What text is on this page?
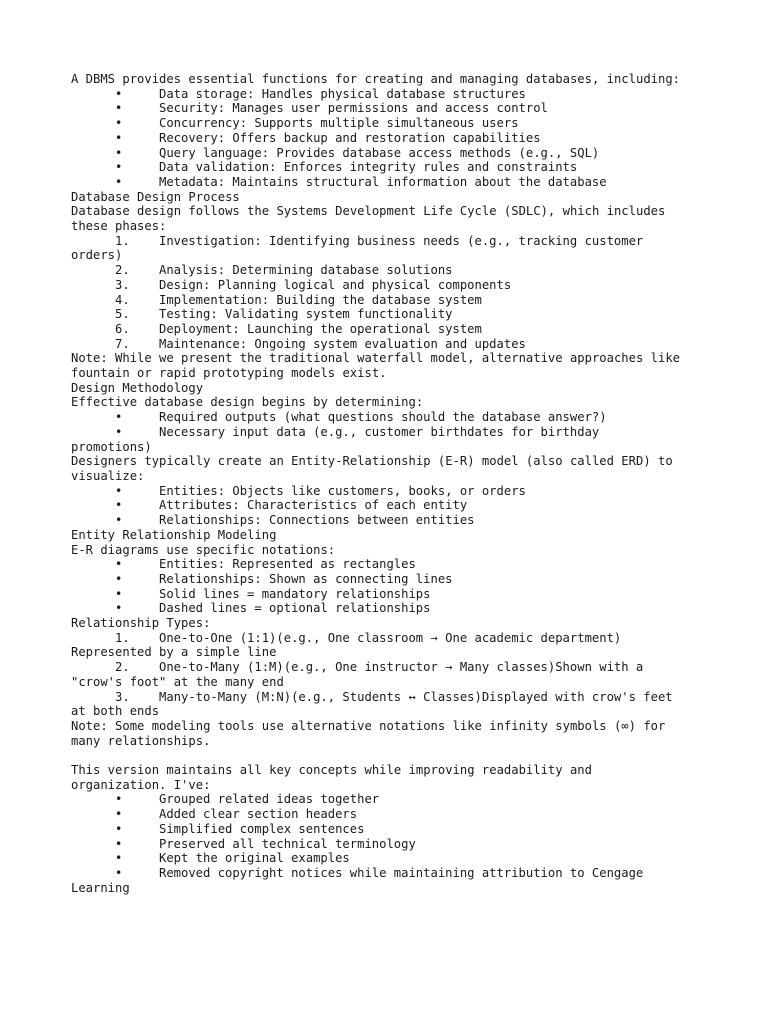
A DBMS provides essential functions for creating and managing databases, including:
•	Data storage: Handles physical database structures
•	Security: Manages user permissions and access control
•	Concurrency: Supports multiple simultaneous users
•	Recovery: Offers backup and restoration capabilities
•	Query language: Provides database access methods (e.g., SQL)
•	Data validation: Enforces integrity rules and constraints
•	Metadata: Maintains structural information about the database
Database Design Process
Database design follows the Systems Development Life Cycle (SDLC), which includes
these phases:
1. Investigation: Identifying business needs (e.g., tracking customer
orders)
2. Analysis: Determining database solutions
3. Design: Planning logical and physical components
4. Implementation: Building the database system
5. Testing: Validating system functionality
6. Deployment: Launching the operational system
7. Maintenance: Ongoing system evaluation and updates
Note: While we present the traditional waterfall model, alternative approaches like
fountain or rapid prototyping models exist.
Design Methodology
Effective database design begins by determining:
•	Required outputs (what questions should the database answer?)
•	Necessary input data (e.g., customer birthdates for birthday
promotions)
Designers typically create an Entity-Relationship (E-R) model (also called ERD) to
visualize:
•	Entities: Objects like customers, books, or orders
•	Attributes: Characteristics of each entity
•	Relationships: Connections between entities
Entity Relationship Modeling
E-R diagrams use specific notations:
•	Entities: Represented as rectangles
•	Relationships: Shown as connecting lines
•	Solid lines = mandatory relationships
•	Dashed lines = optional relationships
Relationship Types:
1. One-to-One (1:1)(e.g., One classroom → One academic department)
Represented by a simple line
2. One-to-Many (1:M)(e.g., One instructor → Many classes)Shown with a
"crow's foot" at the many end
3. Many-to-Many (M:N)(e.g., Students ↔ Classes)Displayed with crow's feet
at both ends
Note: Some modeling tools use alternative notations like infinity symbols (∞) for
many relationships.
This version maintains all key concepts while improving readability and
organization. I've:
•	Grouped related ideas together
•	Added clear section headers
•	Simplified complex sentences
•	Preserved all technical terminology
•	Kept the original examples
•	Removed copyright notices while maintaining attribution to Cengage
Learning
